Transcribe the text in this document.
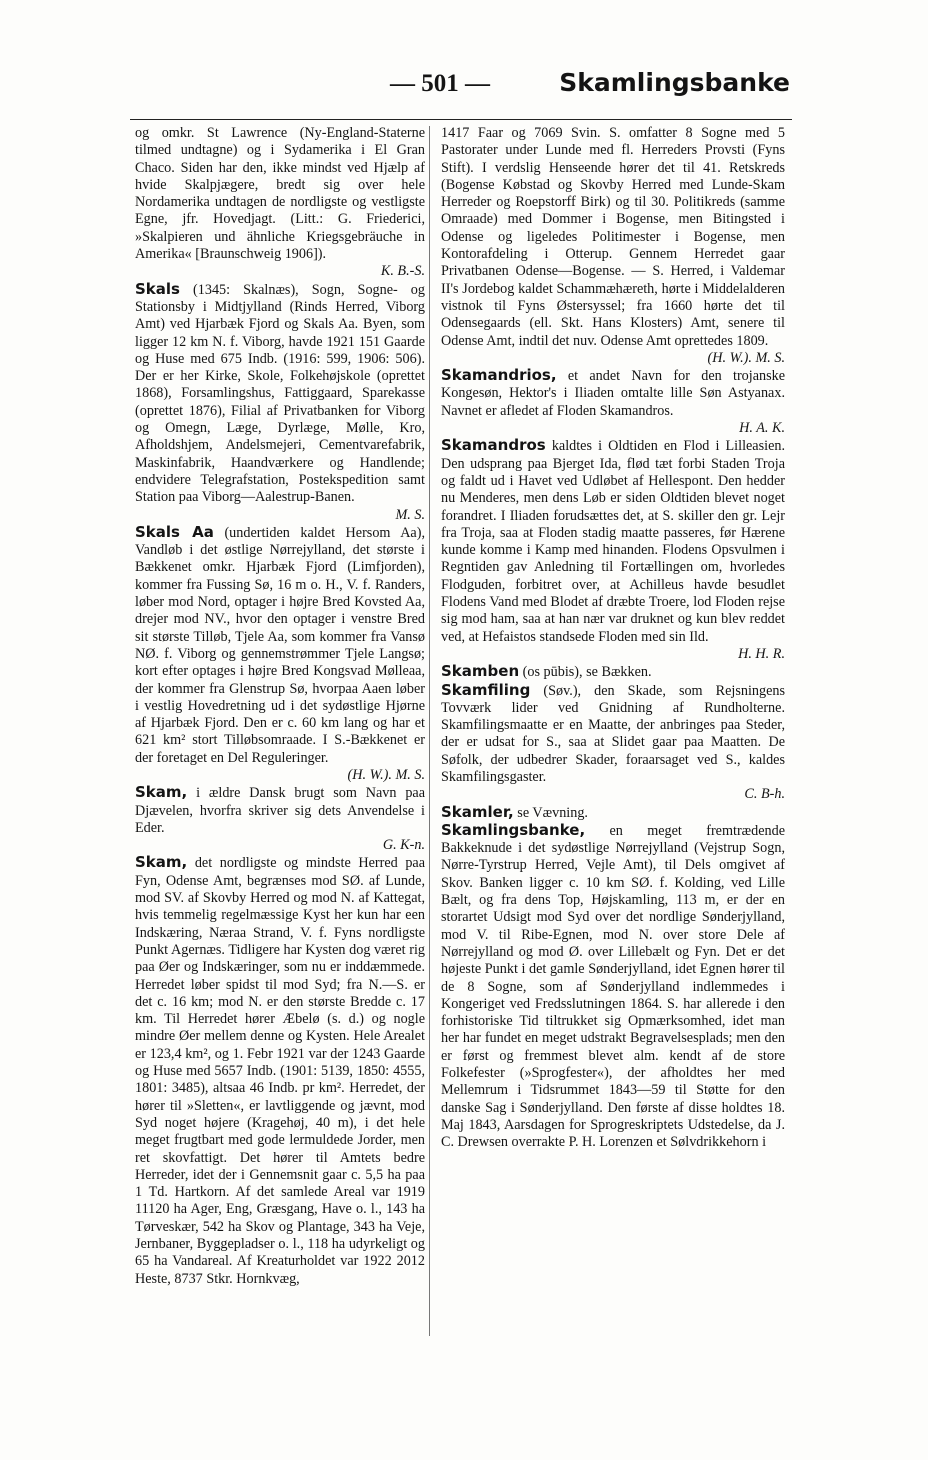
— 501 —	Skamlingsbanke

og omkr. St Lawrence (Ny-England-Staterne tilmed undtagne) og i Sydamerika i El Gran Chaco. Siden har den, ikke mindst ved Hjælp af hvide Skalpjægere, bredt sig over hele Nordamerika undtagen de nordligste og vestligste Egne, jfr. Hovedjagt. (Litt.: G. Friederici, »Skalpieren und ähnliche Kriegsgebräuche in Amerika« [Braunschweig 1906]).

K. B.-S.

Skals (1345: Skalnæs), Sogn, Sogne- og Stationsby i Midtjylland (Rinds Herred, Viborg Amt) ved Hjarbæk Fjord og Skals Aa. Byen, som ligger 12 km N. f. Viborg, havde 1921 151 Gaarde og Huse med 675 Indb. (1916: 599, 1906: 506). Der er her Kirke, Skole, Folkehøjskole (oprettet 1868), Forsamlingshus, Fattiggaard, Sparekasse (oprettet 1876), Filial af Privatbanken for Viborg og Omegn, Læge, Dyrlæge, Mølle, Kro, Afholdshjem, Andelsmejeri, Cementvarefabrik, Maskinfabrik, Haandværkere og Handlende; endvidere Telegrafstation, Postekspedition samt Station paa Viborg—Aalestrup-Banen.

M. S.

Skals Aa (undertiden kaldet Hersom Aa), Vandløb i det østlige Nørrejylland, det største i Bækkenet omkr. Hjarbæk Fjord (Limfjorden), kommer fra Fussing Sø, 16 m o. H., V. f. Randers, løber mod Nord, optager i højre Bred Kovsted Aa, drejer mod NV., hvor den optager i venstre Bred sit største Tilløb, Tjele Aa, som kommer fra Vansø NØ. f. Viborg og gennemstrømmer Tjele Langsø; kort efter optages i højre Bred Kongsvad Mølleaa, der kommer fra Glenstrup Sø, hvorpaa Aaen løber i vestlig Hovedretning ud i det sydøstlige Hjørne af Hjarbæk Fjord. Den er c. 60 km lang og har et 621 km² stort Tilløbsomraade. I S.-Bækkenet er der foretaget en Del Reguleringer.

(H. W.). M. S.

Skam, i ældre Dansk brugt som Navn paa Djævelen, hvorfra skriver sig dets Anvendelse i Eder.

G. K-n.

Skam, det nordligste og mindste Herred paa Fyn, Odense Amt, begrænses mod SØ. af Lunde, mod SV. af Skovby Herred og mod N. af Kattegat, hvis temmelig regelmæssige Kyst her kun har een Indskæring, Næraa Strand, V. f. Fyns nordligste Punkt Agernæs. Tidligere har Kysten dog været rig paa Øer og Indskæringer, som nu er inddæmmede. Herredet løber spidst til mod Syd; fra N.—S. er det c. 16 km; mod N. er den største Bredde c. 17 km. Til Herredet hører Æbelø (s. d.) og nogle mindre Øer mellem denne og Kysten. Hele Arealet er 123,4 km², og 1. Febr 1921 var der 1243 Gaarde og Huse med 5657 Indb. (1901: 5139, 1850: 4555, 1801: 3485), altsaa 46 Indb. pr km². Herredet, der hører til »Sletten«, er lavtliggende og jævnt, mod Syd noget højere (Kragehøj, 40 m), i det hele meget frugtbart med gode lermuldede Jorder, men ret skovfattigt. Det hører til Amtets bedre Herreder, idet der i Gennemsnit gaar c. 5,5 ha paa 1 Td. Hartkorn. Af det samlede Areal var 1919 11120 ha Ager, Eng, Græsgang, Have o. l., 143 ha Tørveskær, 542 ha Skov og Plantage, 343 ha Veje, Jernbaner, Byggepladser o. l., 118 ha udyrkeligt og 65 ha Vandareal. Af Kreaturholdet var 1922 2012 Heste, 8737 Stkr. Hornkvæg,

1417 Faar og 7069 Svin. S. omfatter 8 Sogne med 5 Pastorater under Lunde med fl. Herreders Provsti (Fyns Stift). I verdslig Henseende hører det til 41. Retskreds (Bogense Købstad og Skovby Herred med Lunde-Skam Herreder og Roepstorff Birk) og til 30. Politikreds (samme Omraade) med Dommer i Bogense, men Bitingsted i Odense og ligeledes Politimester i Bogense, men Kontorafdeling i Otterup. Gennem Herredet gaar Privatbanen Odense—Bogense. — S. Herred, i Valdemar II's Jordebog kaldet Schammæhæreth, hørte i Middelalderen vistnok til Fyns Østersyssel; fra 1660 hørte det til Odensegaards (ell. Skt. Hans Klosters) Amt, senere til Odense Amt, indtil det nuv. Odense Amt oprettedes 1809.

(H. W.). M. S.

Skamandrios, et andet Navn for den trojanske Kongesøn, Hektor's i Iliaden omtalte lille Søn Astyanax. Navnet er afledet af Floden Skamandros.

H. A. K.

Skamandros kaldtes i Oldtiden en Flod i Lilleasien. Den udsprang paa Bjerget Ida, flød tæt forbi Staden Troja og faldt ud i Havet ved Udløbet af Hellespont. Den hedder nu Menderes, men dens Løb er siden Oldtiden blevet noget forandret. I Iliaden forudsættes det, at S. skiller den gr. Lejr fra Troja, saa at Floden stadig maatte passeres, før Hærene kunde komme i Kamp med hinanden. Flodens Opsvulmen i Regntiden gav Anledning til Fortællingen om, hvorledes Flodguden, forbitret over, at Achilleus havde besudlet Flodens Vand med Blodet af dræbte Troere, lod Floden rejse sig mod ham, saa at han nær var druknet og kun blev reddet ved, at Hefaistos standsede Floden med sin Ild.

H. H. R.

Skamben (os pūbis), se Bækken.

Skamfiling (Søv.), den Skade, som Rejsningens Tovværk lider ved Gnidning af Rundholterne. Skamfilingsmaatte er en Maatte, der anbringes paa Steder, der er udsat for S., saa at Slidet gaar paa Maatten. De Søfolk, der udbedrer Skader, foraarsaget ved S., kaldes Skamfilingsgaster.

C. B-h.

Skamler, se Vævning.

Skamlingsbanke, en meget fremtrædende Bakkeknude i det sydøstlige Nørrejylland (Vejstrup Sogn, Nørre-Tyrstrup Herred, Vejle Amt), til Dels omgivet af Skov. Banken ligger c. 10 km SØ. f. Kolding, ved Lille Bælt, og fra dens Top, Højskamling, 113 m, er der en storartet Udsigt mod Syd over det nordlige Sønderjylland, mod V. til Ribe-Egnen, mod N. over store Dele af Nørrejylland og mod Ø. over Lillebælt og Fyn. Det er det højeste Punkt i det gamle Sønderjylland, idet Egnen hører til de 8 Sogne, som af Sønderjylland indlemmedes i Kongeriget ved Fredsslutningen 1864. S. har allerede i den forhistoriske Tid tiltrukket sig Opmærksomhed, idet man her har fundet en meget udstrakt Begravelsesplads; men den er først og fremmest blevet alm. kendt af de store Folkefester (»Sprogfester«), der afholdtes her med Mellemrum i Tidsrummet 1843—59 til Støtte for den danske Sag i Sønderjylland. Den første af disse holdtes 18. Maj 1843, Aarsdagen for Sprogreskriptets Udstedelse, da J. C. Drewsen overrakte P. H. Lorenzen et Sølvdrikkehorn i
